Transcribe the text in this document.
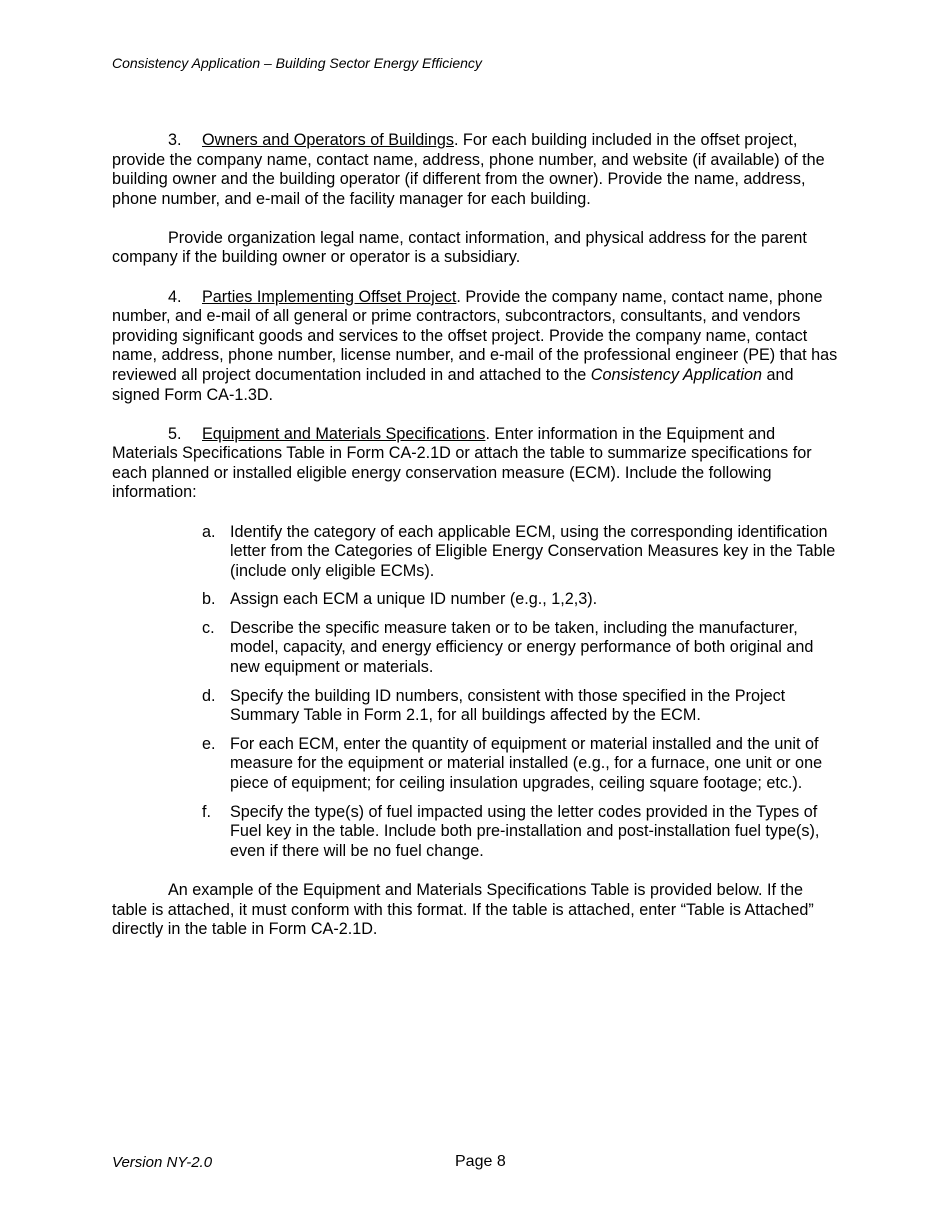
Consistency Application – Building Sector Energy Efficiency

3. Owners and Operators of Buildings. For each building included in the offset project, provide the company name, contact name, address, phone number, and website (if available) of the building owner and the building operator (if different from the owner). Provide the name, address, phone number, and e-mail of the facility manager for each building.

Provide organization legal name, contact information, and physical address for the parent company if the building owner or operator is a subsidiary.

4. Parties Implementing Offset Project. Provide the company name, contact name, phone number, and e-mail of all general or prime contractors, subcontractors, consultants, and vendors providing significant goods and services to the offset project. Provide the company name, contact name, address, phone number, license number, and e-mail of the professional engineer (PE) that has reviewed all project documentation included in and attached to the Consistency Application and signed Form CA-1.3D.

5. Equipment and Materials Specifications. Enter information in the Equipment and Materials Specifications Table in Form CA-2.1D or attach the table to summarize specifications for each planned or installed eligible energy conservation measure (ECM). Include the following information:

a. Identify the category of each applicable ECM, using the corresponding identification letter from the Categories of Eligible Energy Conservation Measures key in the Table (include only eligible ECMs).
b. Assign each ECM a unique ID number (e.g., 1,2,3).
c. Describe the specific measure taken or to be taken, including the manufacturer, model, capacity, and energy efficiency or energy performance of both original and new equipment or materials.
d. Specify the building ID numbers, consistent with those specified in the Project Summary Table in Form 2.1, for all buildings affected by the ECM.
e. For each ECM, enter the quantity of equipment or material installed and the unit of measure for the equipment or material installed (e.g., for a furnace, one unit or one piece of equipment; for ceiling insulation upgrades, ceiling square footage; etc.).
f. Specify the type(s) of fuel impacted using the letter codes provided in the Types of Fuel key in the table. Include both pre-installation and post-installation fuel type(s), even if there will be no fuel change.

An example of the Equipment and Materials Specifications Table is provided below. If the table is attached, it must conform with this format. If the table is attached, enter “Table is Attached” directly in the table in Form CA-2.1D.

Version NY-2.0	Page 8
